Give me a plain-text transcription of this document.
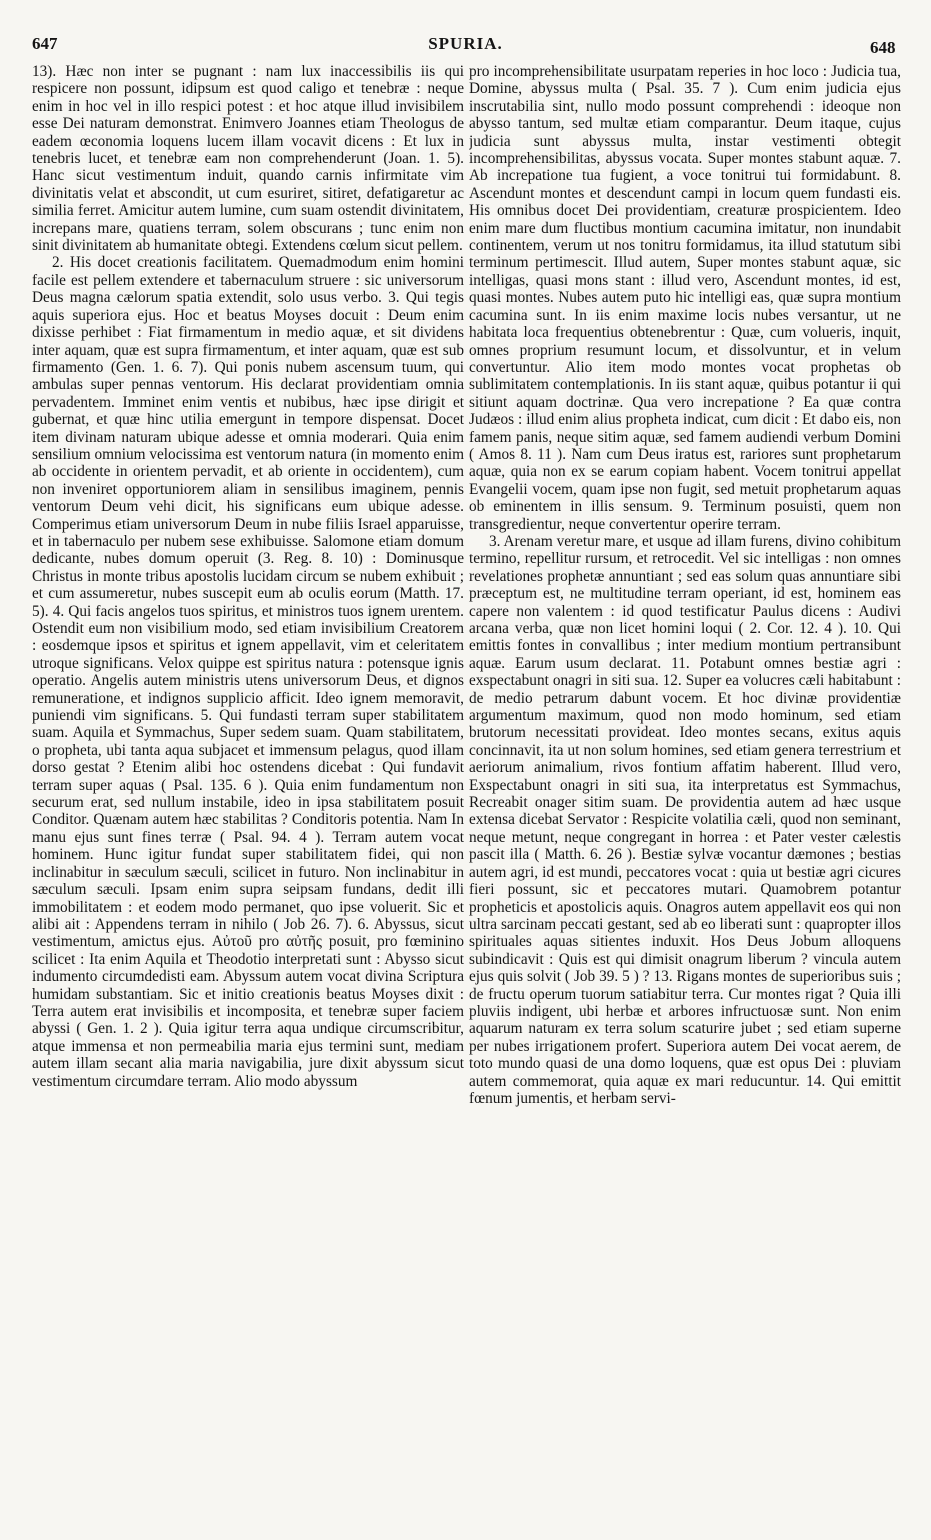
647	SPURIA.	648

13). Hæc non inter se pugnant : nam lux inaccessibilis iis qui respicere non possunt, idipsum est quod caligo et tenebræ : neque enim in hoc vel in illo respici potest : et hoc atque illud invisibilem esse Dei naturam demonstrat. Enimvero Joannes etiam Theologus de eadem œconomia loquens lucem illam vocavit dicens : Et lux in tenebris lucet, et tenebræ eam non comprehenderunt (Joan. 1. 5). Hanc sicut vestimentum induit, quando carnis infirmitate vim divinitatis velat et abscondit, ut cum esuriret, sitiret, defatigaretur ac similia ferret. Amicitur autem lumine, cum suam ostendit divinitatem, increpans mare, quatiens terram, solem obscurans ; tunc enim non sinit divinitatem ab humanitate obtegi. Extendens cœlum sicut pellem.

2. His docet creationis facilitatem. Quemadmodum enim homini facile est pellem extendere et tabernaculum struere : sic universorum Deus magna cælorum spatia extendit, solo usus verbo. 3. Qui tegis aquis superiora ejus. Hoc et beatus Moyses docuit : Deum enim dixisse perhibet : Fiat firmamentum in medio aquæ, et sit dividens inter aquam, quæ est supra firmamentum, et inter aquam, quæ est sub firmamento (Gen. 1. 6. 7). Qui ponis nubem ascensum tuum, qui ambulas super pennas ventorum. His declarat providentiam omnia pervadentem. Imminet enim ventis et nubibus, hæc ipse dirigit et gubernat, et quæ hinc utilia emergunt in tempore dispensat. Docet item divinam naturam ubique adesse et omnia moderari. Quia enim sensilium omnium velocissima est ventorum natura (in momento enim ab occidente in orientem pervadit, et ab oriente in occidentem), cum non inveniret opportuniorem aliam in sensilibus imaginem, pennis ventorum Deum vehi dicit, his significans eum ubique adesse. Comperimus etiam universorum Deum in nube filiis Israel apparuisse, et in tabernaculo per nubem sese exhibuisse. Salomone etiam domum dedicante, nubes domum operuit (3. Reg. 8. 10) : Dominusque Christus in monte tribus apostolis lucidam circum se nubem exhibuit ; et cum assumeretur, nubes suscepit eum ab oculis eorum (Matth. 17. 5). 4. Qui facis angelos tuos spiritus, et ministros tuos ignem urentem. Ostendit eum non visibilium modo, sed etiam invisibilium Creatorem : eosdemque ipsos et spiritus et ignem appellavit, vim et celeritatem utroque significans. Velox quippe est spiritus natura : potensque ignis operatio. Angelis autem ministris utens universorum Deus, et dignos remuneratione, et indignos supplicio afficit. Ideo ignem memoravit, puniendi vim significans. 5. Qui fundasti terram super stabilitatem suam. Aquila et Symmachus, Super sedem suam. Quam stabilitatem, o propheta, ubi tanta aqua subjacet et immensum pelagus, quod illam dorso gestat ? Etenim alibi hoc ostendens dicebat : Qui fundavit terram super aquas ( Psal. 135. 6 ). Quia enim fundamentum non securum erat, sed nullum instabile, ideo in ipsa stabilitatem posuit Conditor. Quænam autem hæc stabilitas ? Conditoris potentia. Nam In manu ejus sunt fines terræ ( Psal. 94. 4 ). Terram autem vocat hominem. Hunc igitur fundat super stabilitatem fidei, qui non inclinabitur in sæculum sæculi, scilicet in futuro. Non inclinabitur in sæculum sæculi. Ipsam enim supra seipsam fundans, dedit illi immobilitatem : et eodem modo permanet, quo ipse voluerit. Sic et alibi ait : Appendens terram in nihilo ( Job 26. 7). 6. Abyssus, sicut vestimentum, amictus ejus. Αὐτοῦ pro αὐτῆς posuit, pro fœminino scilicet : Ita enim Aquila et Theodotio interpretati sunt : Abysso sicut indumento circumdedisti eam. Abyssum autem vocat divina Scriptura humidam substantiam. Sic et initio creationis beatus Moyses dixit : Terra autem erat invisibilis et incomposita, et tenebræ super faciem abyssi ( Gen. 1. 2 ). Quia igitur terra aqua undique circumscribitur, atque immensa et non permeabilia maria ejus termini sunt, mediam autem illam secant alia maria navigabilia, jure dixit abyssum sicut vestimentum circumdare terram. Alio modo abyssum

pro incomprehensibilitate usurpatam reperies in hoc loco : Judicia tua, Domine, abyssus multa ( Psal. 35. 7 ). Cum enim judicia ejus inscrutabilia sint, nullo modo possunt comprehendi : ideoque non abysso tantum, sed multæ etiam comparantur. Deum itaque, cujus judicia sunt abyssus multa, instar vestimenti obtegit incomprehensibilitas, abyssus vocata. Super montes stabunt aquæ. 7. Ab increpatione tua fugient, a voce tonitrui tui formidabunt. 8. Ascendunt montes et descendunt campi in locum quem fundasti eis. His omnibus docet Dei providentiam, creaturæ prospicientem. Ideo enim mare dum fluctibus montium cacumina imitatur, non inundabit continentem, verum ut nos tonitru formidamus, ita illud statutum sibi terminum pertimescit. Illud autem, Super montes stabunt aquæ, sic intelligas, quasi mons stant : illud vero, Ascendunt montes, id est, quasi montes. Nubes autem puto hic intelligi eas, quæ supra montium cacumina sunt. In iis enim maxime locis nubes versantur, ut ne habitata loca frequentius obtenebrentur : Quæ, cum volueris, inquit, omnes proprium resumunt locum, et dissolvuntur, et in velum convertuntur. Alio item modo montes vocat prophetas ob sublimitatem contemplationis. In iis stant aquæ, quibus potantur ii qui sitiunt aquam doctrinæ. Qua vero increpatione ? Ea quæ contra Judæos : illud enim alius propheta indicat, cum dicit : Et dabo eis, non famem panis, neque sitim aquæ, sed famem audiendi verbum Domini ( Amos 8. 11 ). Nam cum Deus iratus est, rariores sunt prophetarum aquæ, quia non ex se earum copiam habent. Vocem tonitrui appellat Evangelii vocem, quam ipse non fugit, sed metuit prophetarum aquas ob eminentem in illis sensum. 9. Terminum posuisti, quem non transgredientur, neque convertentur operire terram.

3. Arenam veretur mare, et usque ad illam furens, divino cohibitum termino, repellitur rursum, et retrocedit. Vel sic intelligas : non omnes revelationes prophetæ annuntiant ; sed eas solum quas annuntiare sibi præceptum est, ne multitudine terram operiant, id est, hominem eas capere non valentem : id quod testificatur Paulus dicens : Audivi arcana verba, quæ non licet homini loqui ( 2. Cor. 12. 4 ). 10. Qui emittis fontes in convallibus ; inter medium montium pertransibunt aquæ. Earum usum declarat. 11. Potabunt omnes bestiæ agri : exspectabunt onagri in siti sua. 12. Super ea volucres cæli habitabunt : de medio petrarum dabunt vocem. Et hoc divinæ providentiæ argumentum maximum, quod non modo hominum, sed etiam brutorum necessitati provideat. Ideo montes secans, exitus aquis concinnavit, ita ut non solum homines, sed etiam genera terrestrium et aeriorum animalium, rivos fontium affatim haberent. Illud vero, Exspectabunt onagri in siti sua, ita interpretatus est Symmachus, Recreabit onager sitim suam. De providentia autem ad hæc usque extensa dicebat Servator : Respicite volatilia cæli, quod non seminant, neque metunt, neque congregant in horrea : et Pater vester cælestis pascit illa ( Matth. 6. 26 ). Bestiæ sylvæ vocantur dæmones ; bestias autem agri, id est mundi, peccatores vocat : quia ut bestiæ agri cicures fieri possunt, sic et peccatores mutari. Quamobrem potantur propheticis et apostolicis aquis. Onagros autem appellavit eos qui non ultra sarcinam peccati gestant, sed ab eo liberati sunt : quapropter illos spirituales aquas sitientes induxit. Hos Deus Jobum alloquens subindicavit : Quis est qui dimisit onagrum liberum ? vincula autem ejus quis solvit ( Job 39. 5 ) ? 13. Rigans montes de superioribus suis ; de fructu operum tuorum satiabitur terra. Cur montes rigat ? Quia illi pluviis indigent, ubi herbæ et arbores infructuosæ sunt. Non enim aquarum naturam ex terra solum scaturire jubet ; sed etiam superne per nubes irrigationem profert. Superiora autem Dei vocat aerem, de toto mundo quasi de una domo loquens, quæ est opus Dei : pluviam autem commemorat, quia aquæ ex mari reducuntur. 14. Qui emittit fœnum jumentis, et herbam servi-
